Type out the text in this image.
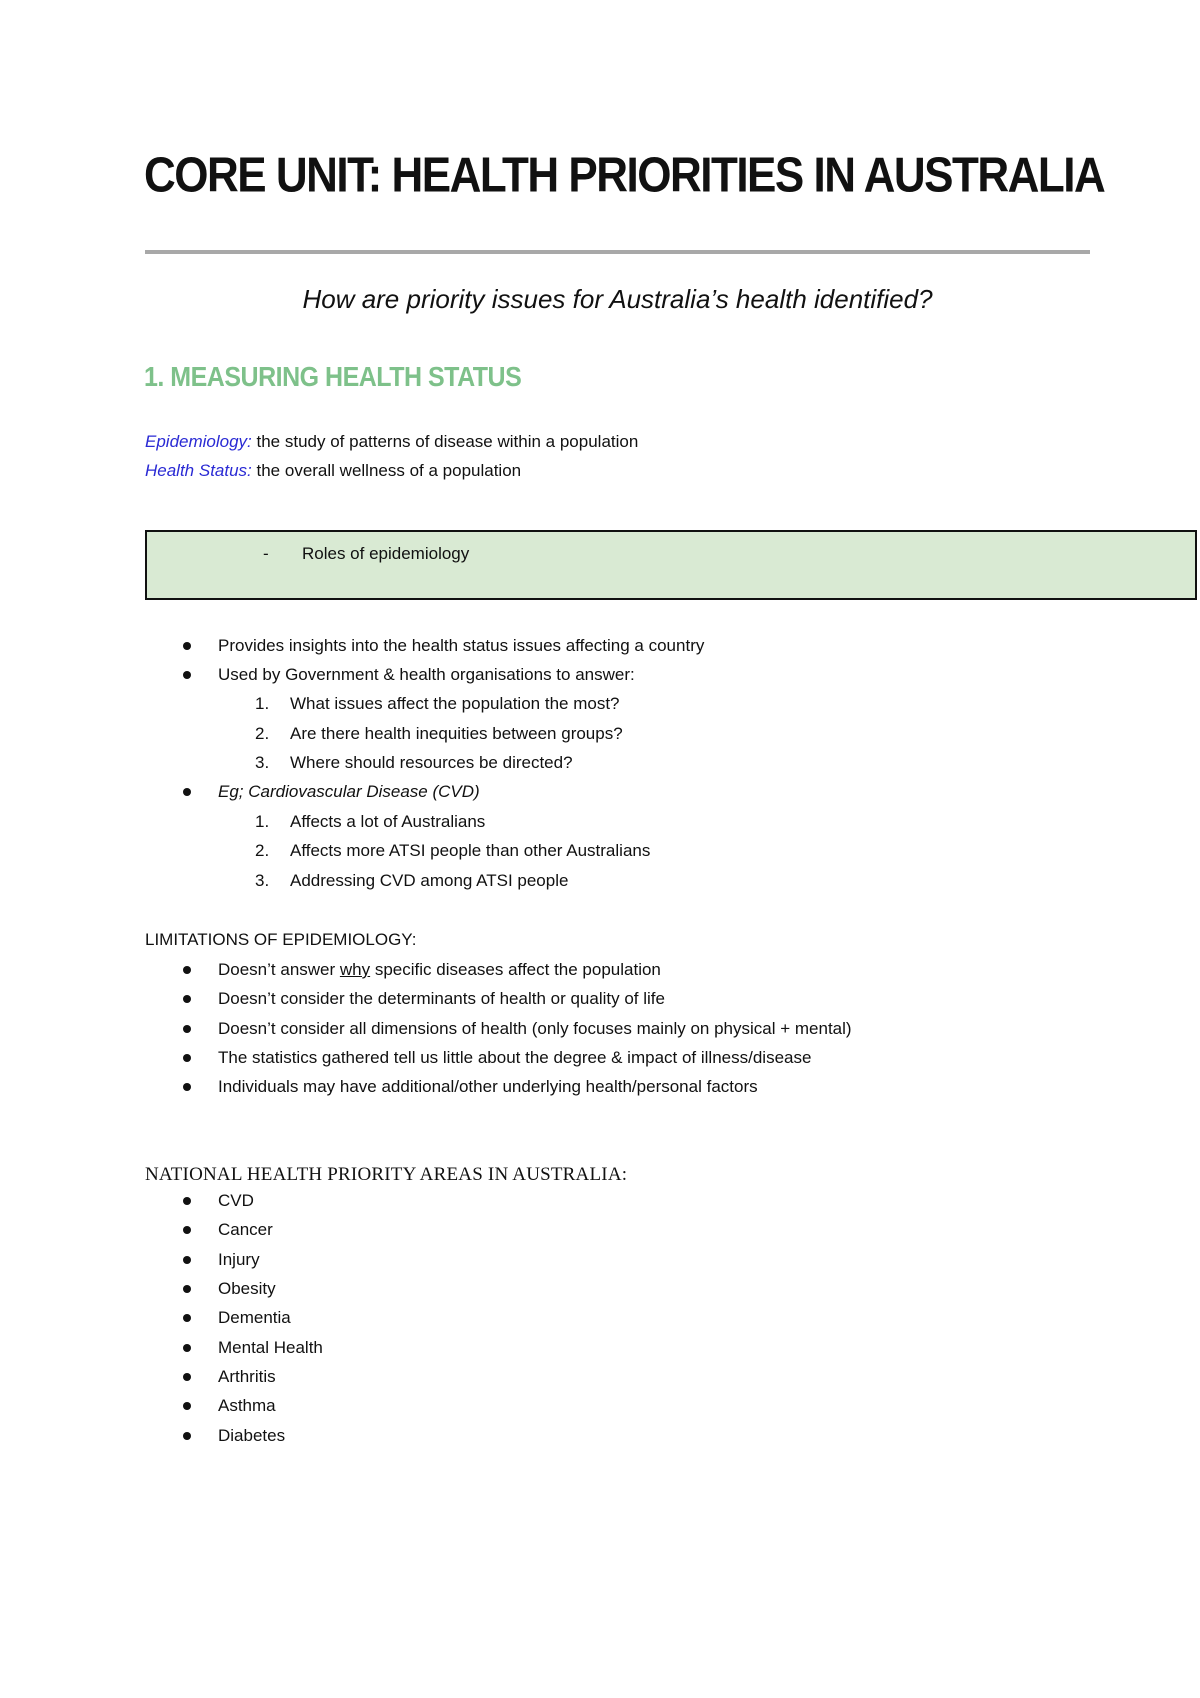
CORE UNIT: HEALTH PRIORITIES IN AUSTRALIA

How are priority issues for Australia’s health identified?

1. MEASURING HEALTH STATUS
Epidemiology: the study of patterns of disease within a population
Health Status: the overall wellness of a population
- Roles of epidemiology
Provides insights into the health status issues affecting a country
Used by Government & health organisations to answer:
1. What issues affect the population the most?
2. Are there health inequities between groups?
3. Where should resources be directed?
Eg; Cardiovascular Disease (CVD)
1. Affects a lot of Australians
2. Affects more ATSI people than other Australians
3. Addressing CVD among ATSI people
LIMITATIONS OF EPIDEMIOLOGY:
Doesn’t answer why specific diseases affect the population
Doesn’t consider the determinants of health or quality of life
Doesn’t consider all dimensions of health (only focuses mainly on physical + mental)
The statistics gathered tell us little about the degree & impact of illness/disease
Individuals may have additional/other underlying health/personal factors
NATIONAL HEALTH PRIORITY AREAS IN AUSTRALIA:
CVD
Cancer
Injury
Obesity
Dementia
Mental Health
Arthritis
Asthma
Diabetes
